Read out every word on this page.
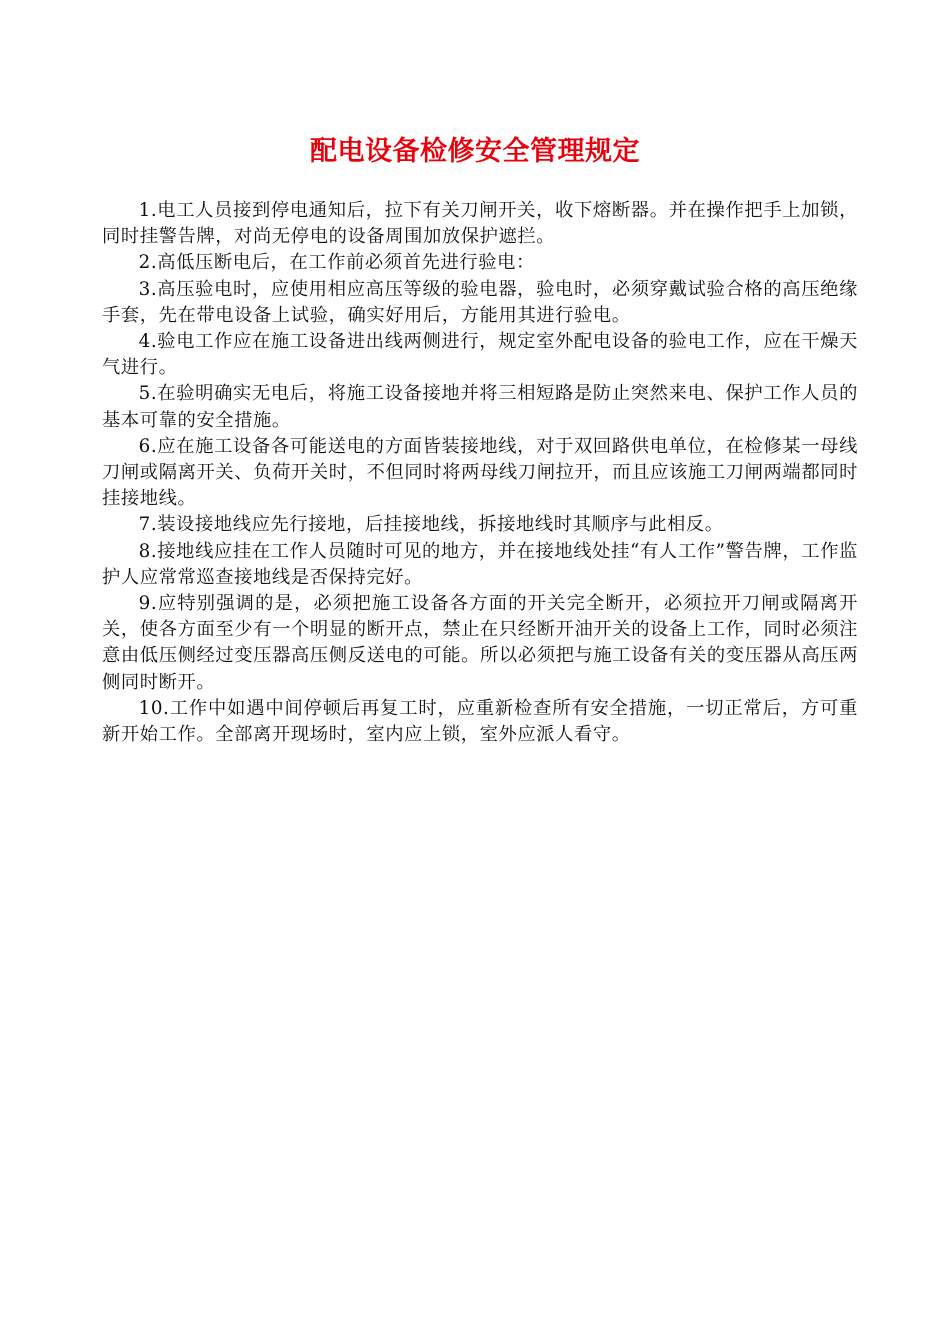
配电设备检修安全管理规定

1.电工人员接到停电通知后，拉下有关刀闸开关，收下熔断器。并在操作把手上加锁，同时挂警告牌，对尚无停电的设备周围加放保护遮拦。

2.高低压断电后，在工作前必须首先进行验电：

3.高压验电时，应使用相应高压等级的验电器，验电时，必须穿戴试验合格的高压绝缘手套，先在带电设备上试验，确实好用后，方能用其进行验电。

4.验电工作应在施工设备进出线两侧进行，规定室外配电设备的验电工作，应在干燥天气进行。

5.在验明确实无电后，将施工设备接地并将三相短路是防止突然来电、保护工作人员的基本可靠的安全措施。

6.应在施工设备各可能送电的方面皆装接地线，对于双回路供电单位，在检修某一母线刀闸或隔离开关、负荷开关时，不但同时将两母线刀闸拉开，而且应该施工刀闸两端都同时挂接地线。

7.装设接地线应先行接地，后挂接地线，拆接地线时其顺序与此相反。

8.接地线应挂在工作人员随时可见的地方，并在接地线处挂“有人工作”警告牌，工作监护人应常常巡查接地线是否保持完好。

9.应特别强调的是，必须把施工设备各方面的开关完全断开，必须拉开刀闸或隔离开关，使各方面至少有一个明显的断开点，禁止在只经断开油开关的设备上工作，同时必须注意由低压侧经过变压器高压侧反送电的可能。所以必须把与施工设备有关的变压器从高压两侧同时断开。

10.工作中如遇中间停顿后再复工时，应重新检查所有安全措施，一切正常后，方可重新开始工作。全部离开现场时，室内应上锁，室外应派人看守。
